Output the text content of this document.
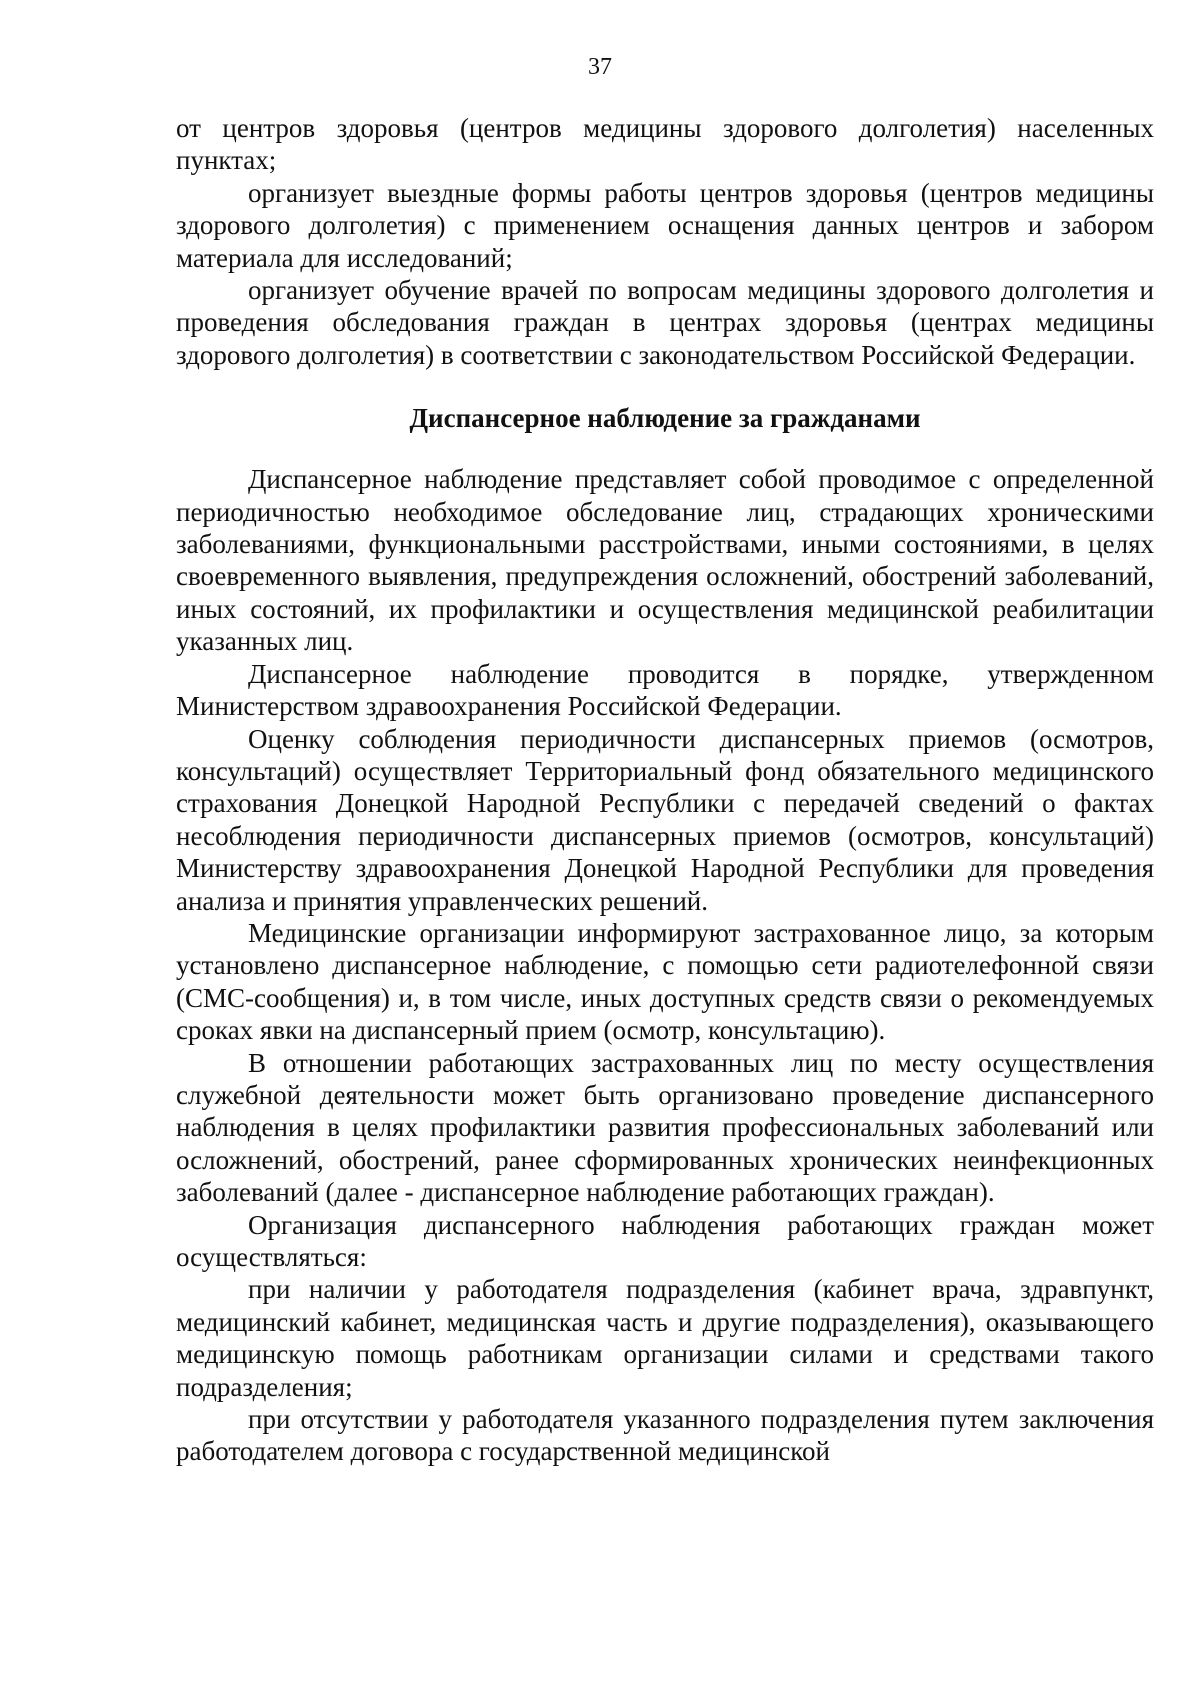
37

от центров здоровья (центров медицины здорового долголетия) населенных пунктах;

организует выездные формы работы центров здоровья (центров медицины здорового долголетия) с применением оснащения данных центров и забором материала для исследований;

организует обучение врачей по вопросам медицины здорового долголетия и проведения обследования граждан в центрах здоровья (центрах медицины здорового долголетия) в соответствии с законодательством Российской Федерации.

Диспансерное наблюдение за гражданами

Диспансерное наблюдение представляет собой проводимое с определенной периодичностью необходимое обследование лиц, страдающих хроническими заболеваниями, функциональными расстройствами, иными состояниями, в целях своевременного выявления, предупреждения осложнений, обострений заболеваний, иных состояний, их профилактики и осуществления медицинской реабилитации указанных лиц.

Диспансерное наблюдение проводится в порядке, утвержденном Министерством здравоохранения Российской Федерации.

Оценку соблюдения периодичности диспансерных приемов (осмотров, консультаций) осуществляет Территориальный фонд обязательного медицинского страхования Донецкой Народной Республики с передачей сведений о фактах несоблюдения периодичности диспансерных приемов (осмотров, консультаций) Министерству здравоохранения Донецкой Народной Республики для проведения анализа и принятия управленческих решений.

Медицинские организации информируют застрахованное лицо, за которым установлено диспансерное наблюдение, с помощью сети радиотелефонной связи (СМС-сообщения) и, в том числе, иных доступных средств связи о рекомендуемых сроках явки на диспансерный прием (осмотр, консультацию).

В отношении работающих застрахованных лиц по месту осуществления служебной деятельности может быть организовано проведение диспансерного наблюдения в целях профилактики развития профессиональных заболеваний или осложнений, обострений, ранее сформированных хронических неинфекционных заболеваний (далее - диспансерное наблюдение работающих граждан).

Организация диспансерного наблюдения работающих граждан может осуществляться:

при наличии у работодателя подразделения (кабинет врача, здравпункт, медицинский кабинет, медицинская часть и другие подразделения), оказывающего медицинскую помощь работникам организации силами и средствами такого подразделения;

при отсутствии у работодателя указанного подразделения путем заключения работодателем договора с государственной медицинской
